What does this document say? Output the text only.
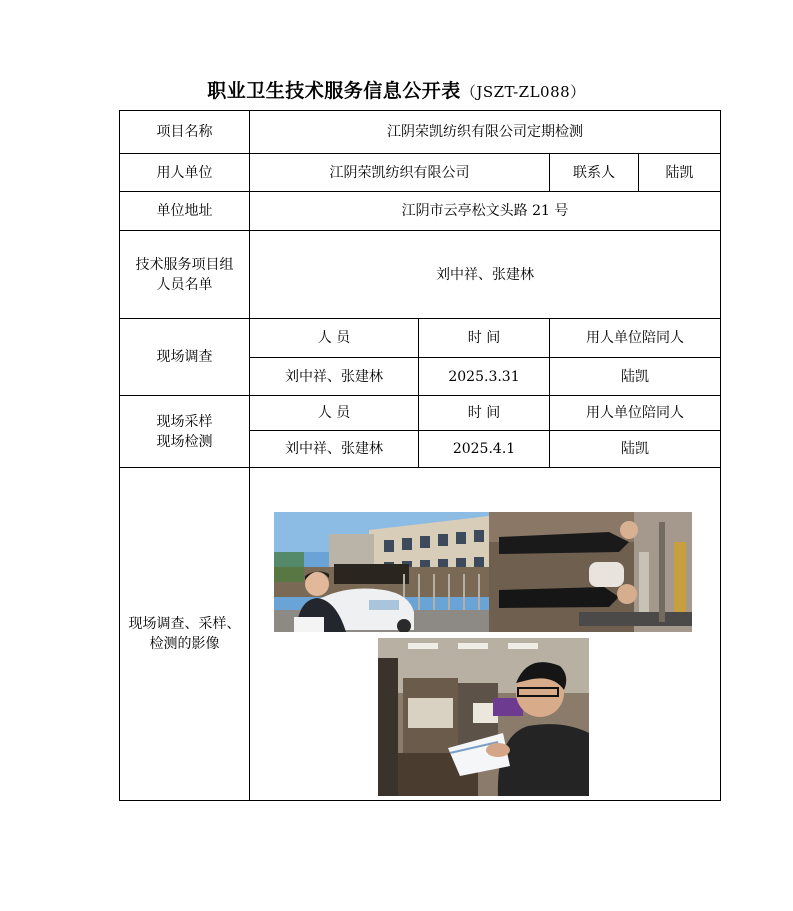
职业卫生技术服务信息公开表（JSZT-ZL088）
项目名称	江阴荣凯纺织有限公司定期检测			
用人单位	江阴荣凯纺织有限公司		联系人	陆凯
单位地址	江阴市云亭松文头路 21 号			

技术服务项目组
人员名单	刘中祥、张建林			
现场调查	人 员	时 间	用人单位陪同人	
	刘中祥、张建林	2025.3.31	陆凯	

现场采样
现场检测	人 员	时 间	用人单位陪同人	
	刘中祥、张建林	2025.4.1	陆凯	

现场调查、采样、
检测的影像				
